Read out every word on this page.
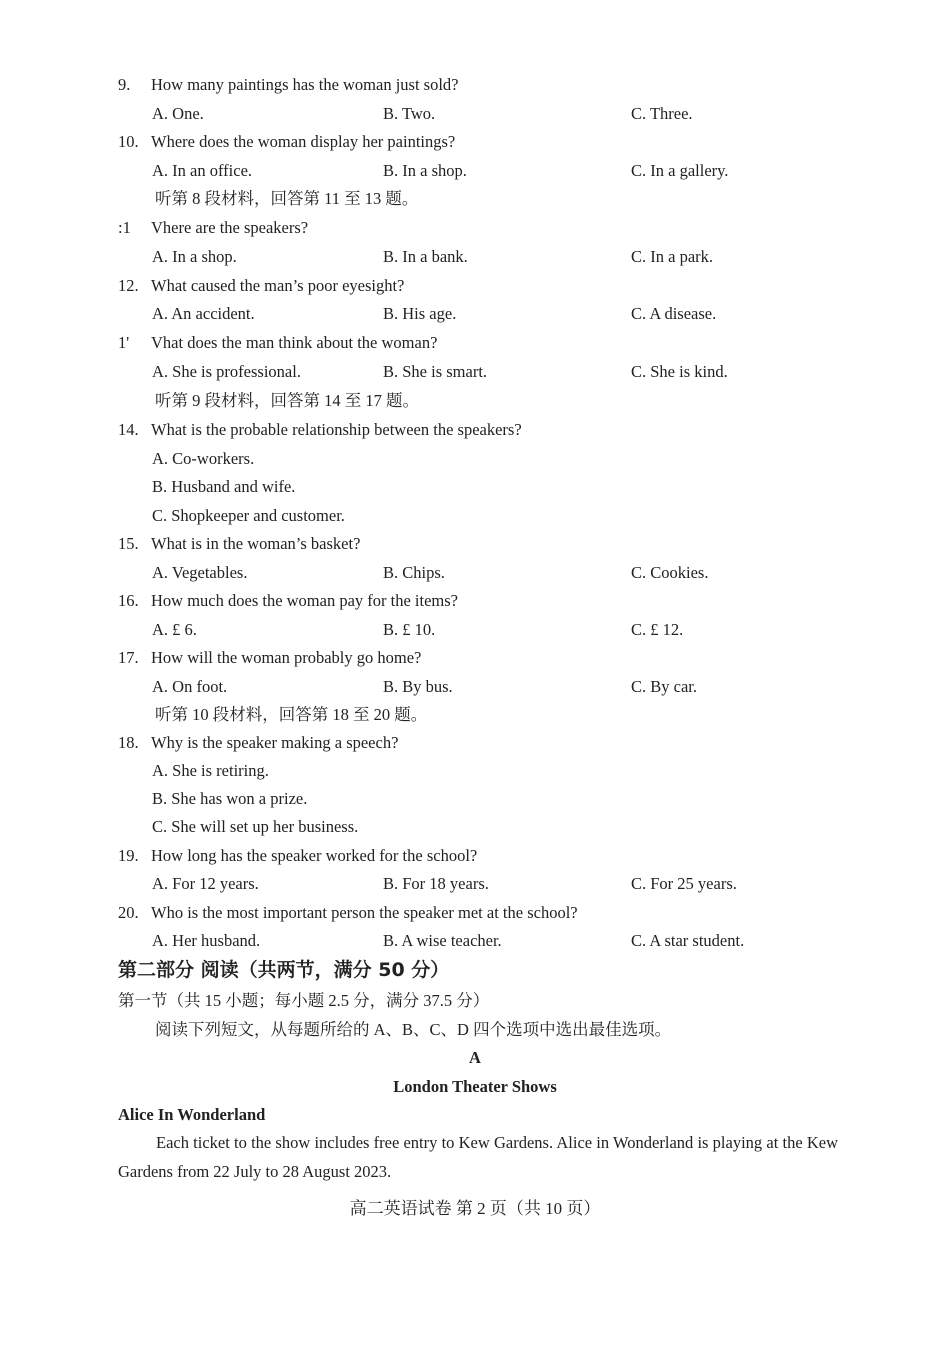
9. How many paintings has the woman just sold?
A. One.	B. Two.	C. Three.
10. Where does the woman display her paintings?
A. In an office.	B. In a shop.	C. In a gallery.
听第 8 段材料，回答第 11 至 13 题。
:1 Vhere are the speakers?
A. In a shop.	B. In a bank.	C. In a park.
12. What caused the man’s poor eyesight?
A. An accident.	B. His age.	C. A disease.
1' Vhat does the man think about the woman?
A. She is professional.	B. She is smart.	C. She is kind.
听第 9 段材料，回答第 14 至 17 题。
14. What is the probable relationship between the speakers?
A. Co-workers.
B. Husband and wife.
C. Shopkeeper and customer.
15. What is in the woman’s basket?
A. Vegetables.	B. Chips.	C. Cookies.
16. How much does the woman pay for the items?
A. £ 6.	B. £ 10.	C. £ 12.
17. How will the woman probably go home?
A. On foot.	B. By bus.	C. By car.
听第 10 段材料，回答第 18 至 20 题。
18. Why is the speaker making a speech?
A. She is retiring.
B. She has won a prize.
C. She will set up her business.
19. How long has the speaker worked for the school?
A. For 12 years.	B. For 18 years.	C. For 25 years.
20. Who is the most important person the speaker met at the school?
A. Her husband.	B. A wise teacher.	C. A star student.
第二部分 阅读（共两节，满分 50 分）
第一节（共 15 小题；每小题 2.5 分，满分 37.5 分）
阅读下列短文，从每题所给的 A、B、C、D 四个选项中选出最佳选项。
A
London Theater Shows
Alice In Wonderland
Each ticket to the show includes free entry to Kew Gardens. Alice in Wonderland is playing at the Kew Gardens from 22 July to 28 August 2023.
高二英语试卷 第 2 页（共 10 页）
